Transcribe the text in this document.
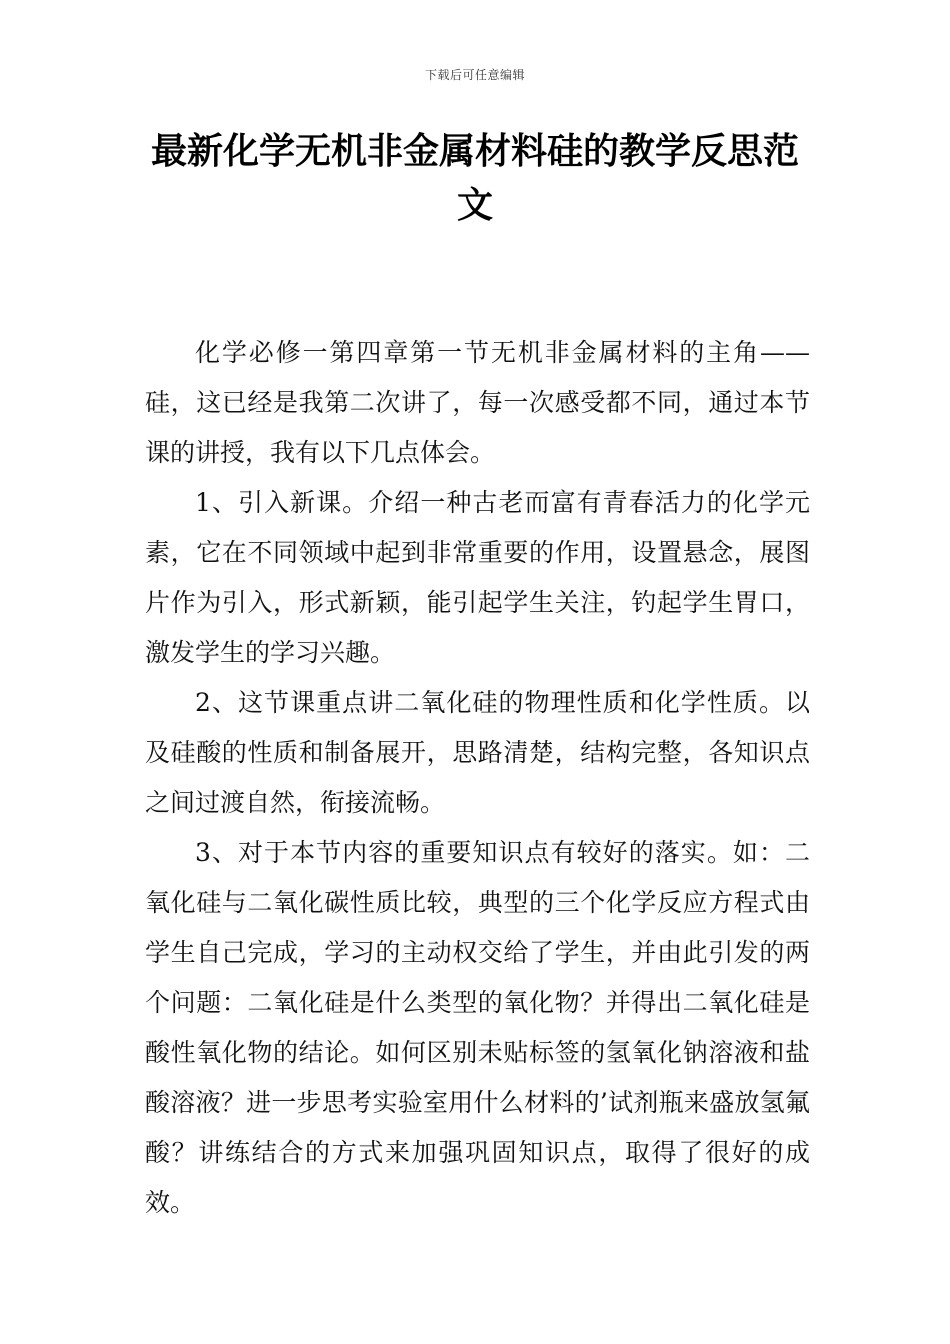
下载后可任意编辑
最新化学无机非金属材料硅的教学反思范文

化学必修一第四章第一节无机非金属材料的主角——硅，这已经是我第二次讲了，每一次感受都不同，通过本节课的讲授，我有以下几点体会。

1、引入新课。介绍一种古老而富有青春活力的化学元素，它在不同领域中起到非常重要的作用，设置悬念，展图片作为引入，形式新颖，能引起学生关注，钓起学生胃口，激发学生的学习兴趣。

2、这节课重点讲二氧化硅的物理性质和化学性质。以及硅酸的性质和制备展开，思路清楚，结构完整，各知识点之间过渡自然，衔接流畅。

3、对于本节内容的重要知识点有较好的落实。如：二氧化硅与二氧化碳性质比较，典型的三个化学反应方程式由学生自己完成，学习的主动权交给了学生，并由此引发的两个问题：二氧化硅是什么类型的氧化物？并得出二氧化硅是酸性氧化物的结论。如何区别未贴标签的氢氧化钠溶液和盐酸溶液？进一步思考实验室用什么材料的’试剂瓶来盛放氢氟酸？讲练结合的方式来加强巩固知识点，取得了很好的成效。
